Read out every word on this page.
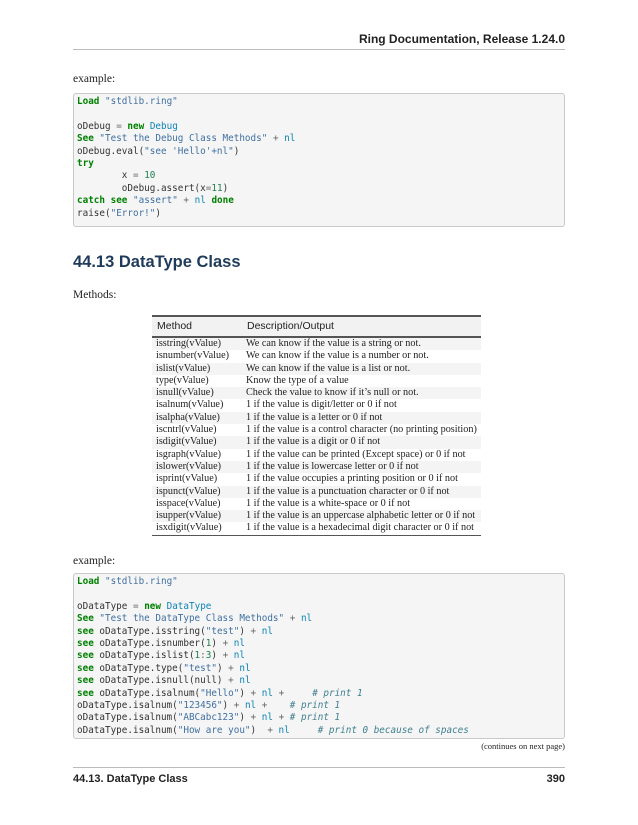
Ring Documentation, Release 1.24.0
example:
Load "stdlib.ring"

oDebug = new Debug
See "Test the Debug Class Methods" + nl
oDebug.eval("see 'Hello'+nl")
try
x = 10
oDebug.assert(x=11)
catch see "assert" + nl done
raise("Error!")
44.13 DataType Class
Methods:
Method	Description/Output
isstring(vValue)	We can know if the value is a string or not.
isnumber(vValue)	We can know if the value is a number or not.
islist(vValue)	We can know if the value is a list or not.
type(vValue)	Know the type of a value
isnull(vValue)	Check the value to know if it’s null or not.
isalnum(vValue)	1 if the value is digit/letter or 0 if not
isalpha(vValue)	1 if the value is a letter or 0 if not
iscntrl(vValue)	1 if the value is a control character (no printing position)
isdigit(vValue)	1 if the value is a digit or 0 if not
isgraph(vValue)	1 if the value can be printed (Except space) or 0 if not
islower(vValue)	1 if the value is lowercase letter or 0 if not
isprint(vValue)	1 if the value occupies a printing position or 0 if not
ispunct(vValue)	1 if the value is a punctuation character or 0 if not
isspace(vValue)	1 if the value is a white-space or 0 if not
isupper(vValue)	1 if the value is an uppercase alphabetic letter or 0 if not
isxdigit(vValue)	1 if the value is a hexadecimal digit character or 0 if not
example:
Load "stdlib.ring"

oDataType = new DataType
See "Test the DataType Class Methods" + nl
see oDataType.isstring("test") + nl
see oDataType.isnumber(1) + nl
see oDataType.islist(1:3) + nl
see oDataType.type("test") + nl
see oDataType.isnull(null) + nl
see oDataType.isalnum("Hello") + nl +	# print 1
oDataType.isalnum("123456") + nl + # print 1
oDataType.isalnum("ABCabc123") + nl + # print 1
oDataType.isalnum("How are you")  + nl	# print 0 because of spaces
(continues on next page)
44.13. DataType Class	390
